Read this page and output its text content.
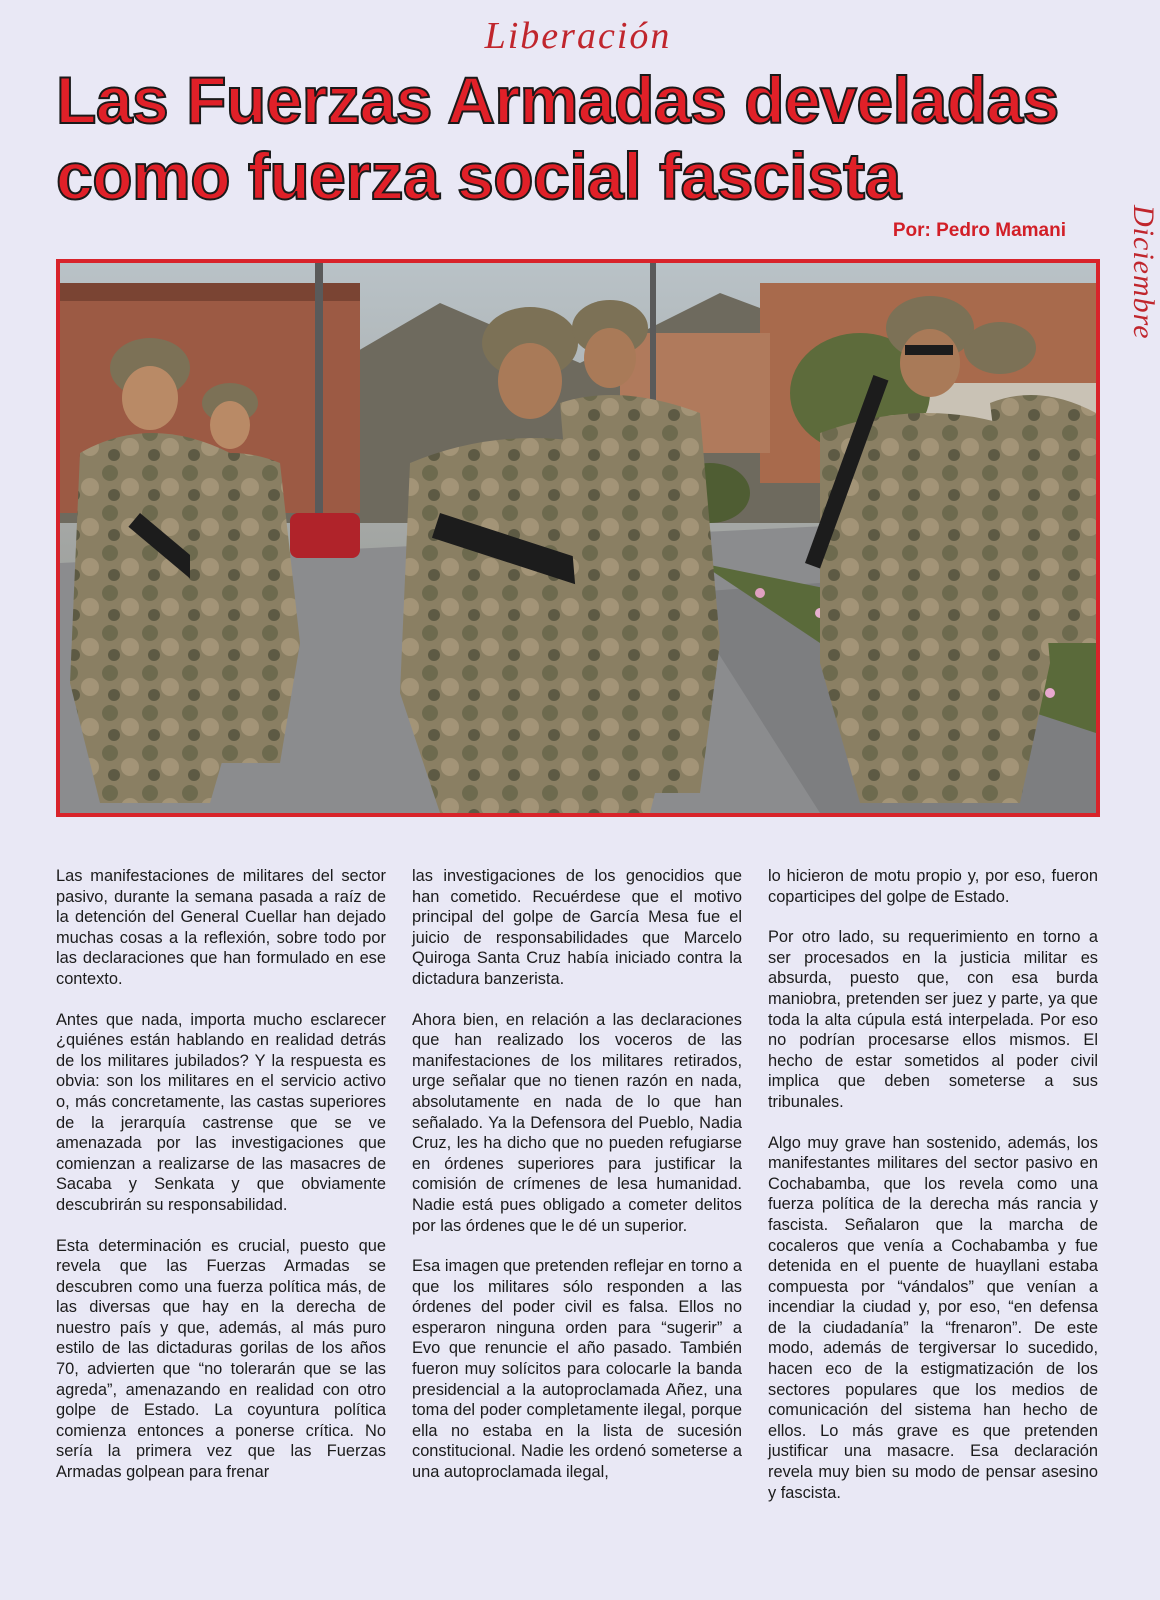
Liberación
Las Fuerzas Armadas develadas
como fuerza social fascista
Por: Pedro Mamani	Diciembre

Las manifestaciones de militares del sector pasivo, durante la semana pasada a raíz de la detención del General Cuellar han dejado muchas cosas a la reflexión, sobre todo por las declaraciones que han formulado en ese contexto.

Antes que nada, importa mucho esclarecer ¿quiénes están hablando en realidad detrás de los militares jubilados? Y la respuesta es obvia: son los militares en el servicio activo o, más concretamente, las castas superiores de la jerarquía castrense que se ve amenazada por las investigaciones que comienzan a realizarse de las masacres de Sacaba y Senkata y que obviamente descubrirán su responsabilidad.

Esta determinación es crucial, puesto que revela que las Fuerzas Armadas se descubren como una fuerza política más, de las diversas que hay en la derecha de nuestro país y que, además, al más puro estilo de las dictaduras gorilas de los años 70, advierten que “no tolerarán que se las agreda”, amenazando en realidad con otro golpe de Estado. La coyuntura política comienza entonces a ponerse crítica. No sería la primera vez que las Fuerzas Armadas golpean para frenar

las investigaciones de los genocidios que han cometido. Recuérdese que el motivo principal del golpe de García Mesa fue el juicio de responsabilidades que Marcelo Quiroga Santa Cruz había iniciado contra la dictadura banzerista.

Ahora bien, en relación a las declaraciones que han realizado los voceros de las manifestaciones de los militares retirados, urge señalar que no tienen razón en nada, absolutamente en nada de lo que han señalado. Ya la Defensora del Pueblo, Nadia Cruz, les ha dicho que no pueden refugiarse en órdenes superiores para justificar la comisión de crímenes de lesa humanidad. Nadie está pues obligado a cometer delitos por las órdenes que le dé un superior.

Esa imagen que pretenden reflejar en torno a que los militares sólo responden a las órdenes del poder civil es falsa. Ellos no esperaron ninguna orden para “sugerir” a Evo que renuncie el año pasado. También fueron muy solícitos para colocarle la banda presidencial a la autoproclamada Añez, una toma del poder completamente ilegal, porque ella no estaba en la lista de sucesión constitucional. Nadie les ordenó someterse a una autoproclamada ilegal,

lo hicieron de motu propio y, por eso, fueron coparticipes del golpe de Estado.

Por otro lado, su requerimiento en torno a ser procesados en la justicia militar es absurda, puesto que, con esa burda maniobra, pretenden ser juez y parte, ya que toda la alta cúpula está interpelada. Por eso no podrían procesarse ellos mismos. El hecho de estar sometidos al poder civil implica que deben someterse a sus tribunales.

Algo muy grave han sostenido, además, los manifestantes militares del sector pasivo en Cochabamba, que los revela como una fuerza política de la derecha más rancia y fascista. Señalaron que la marcha de cocaleros que venía a Cochabamba y fue detenida en el puente de huayllani estaba compuesta por “vándalos” que venían a incendiar la ciudad y, por eso, “en defensa de la ciudadanía” la “frenaron”. De este modo, además de tergiversar lo sucedido, hacen eco de la estigmatización de los sectores populares que los medios de comunicación del sistema han hecho de ellos. Lo más grave es que pretenden justificar una masacre. Esa declaración revela muy bien su modo de pensar asesino y fascista.
